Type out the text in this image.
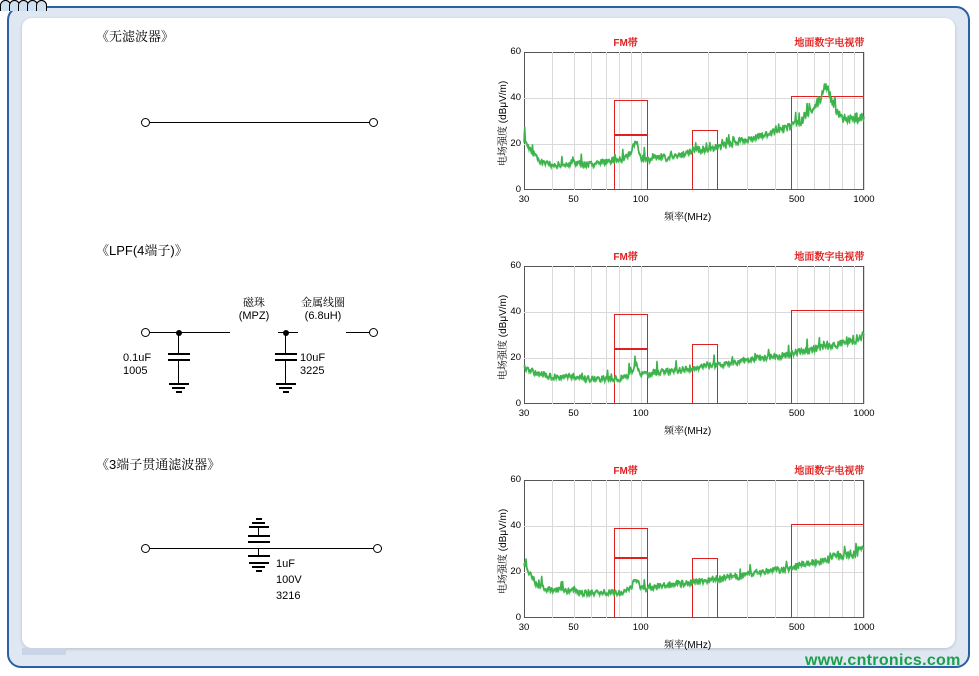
《无滤波器》
《LPF(4端子)》
磁珠
(MPZ)
金属线圈
(6.8uH)
0.1uF
1005
10uF
3225
《3端子贯通滤波器》
1uF
100V
3216
0
20
40
60
30	50	100	500	1000
频率(MHz)
电场强度 (dBμV/m)
FM帯	地面数字电视带
0
20
40
60
30	50	100	500	1000
频率(MHz)
电场强度 (dBμV/m)
FM帯	地面数字电视带
0
20
40
60
30	50	100	500	1000
频率(MHz)
电场强度 (dBμV/m)
FM帯	地面数字电视带
www.cntronics.com
